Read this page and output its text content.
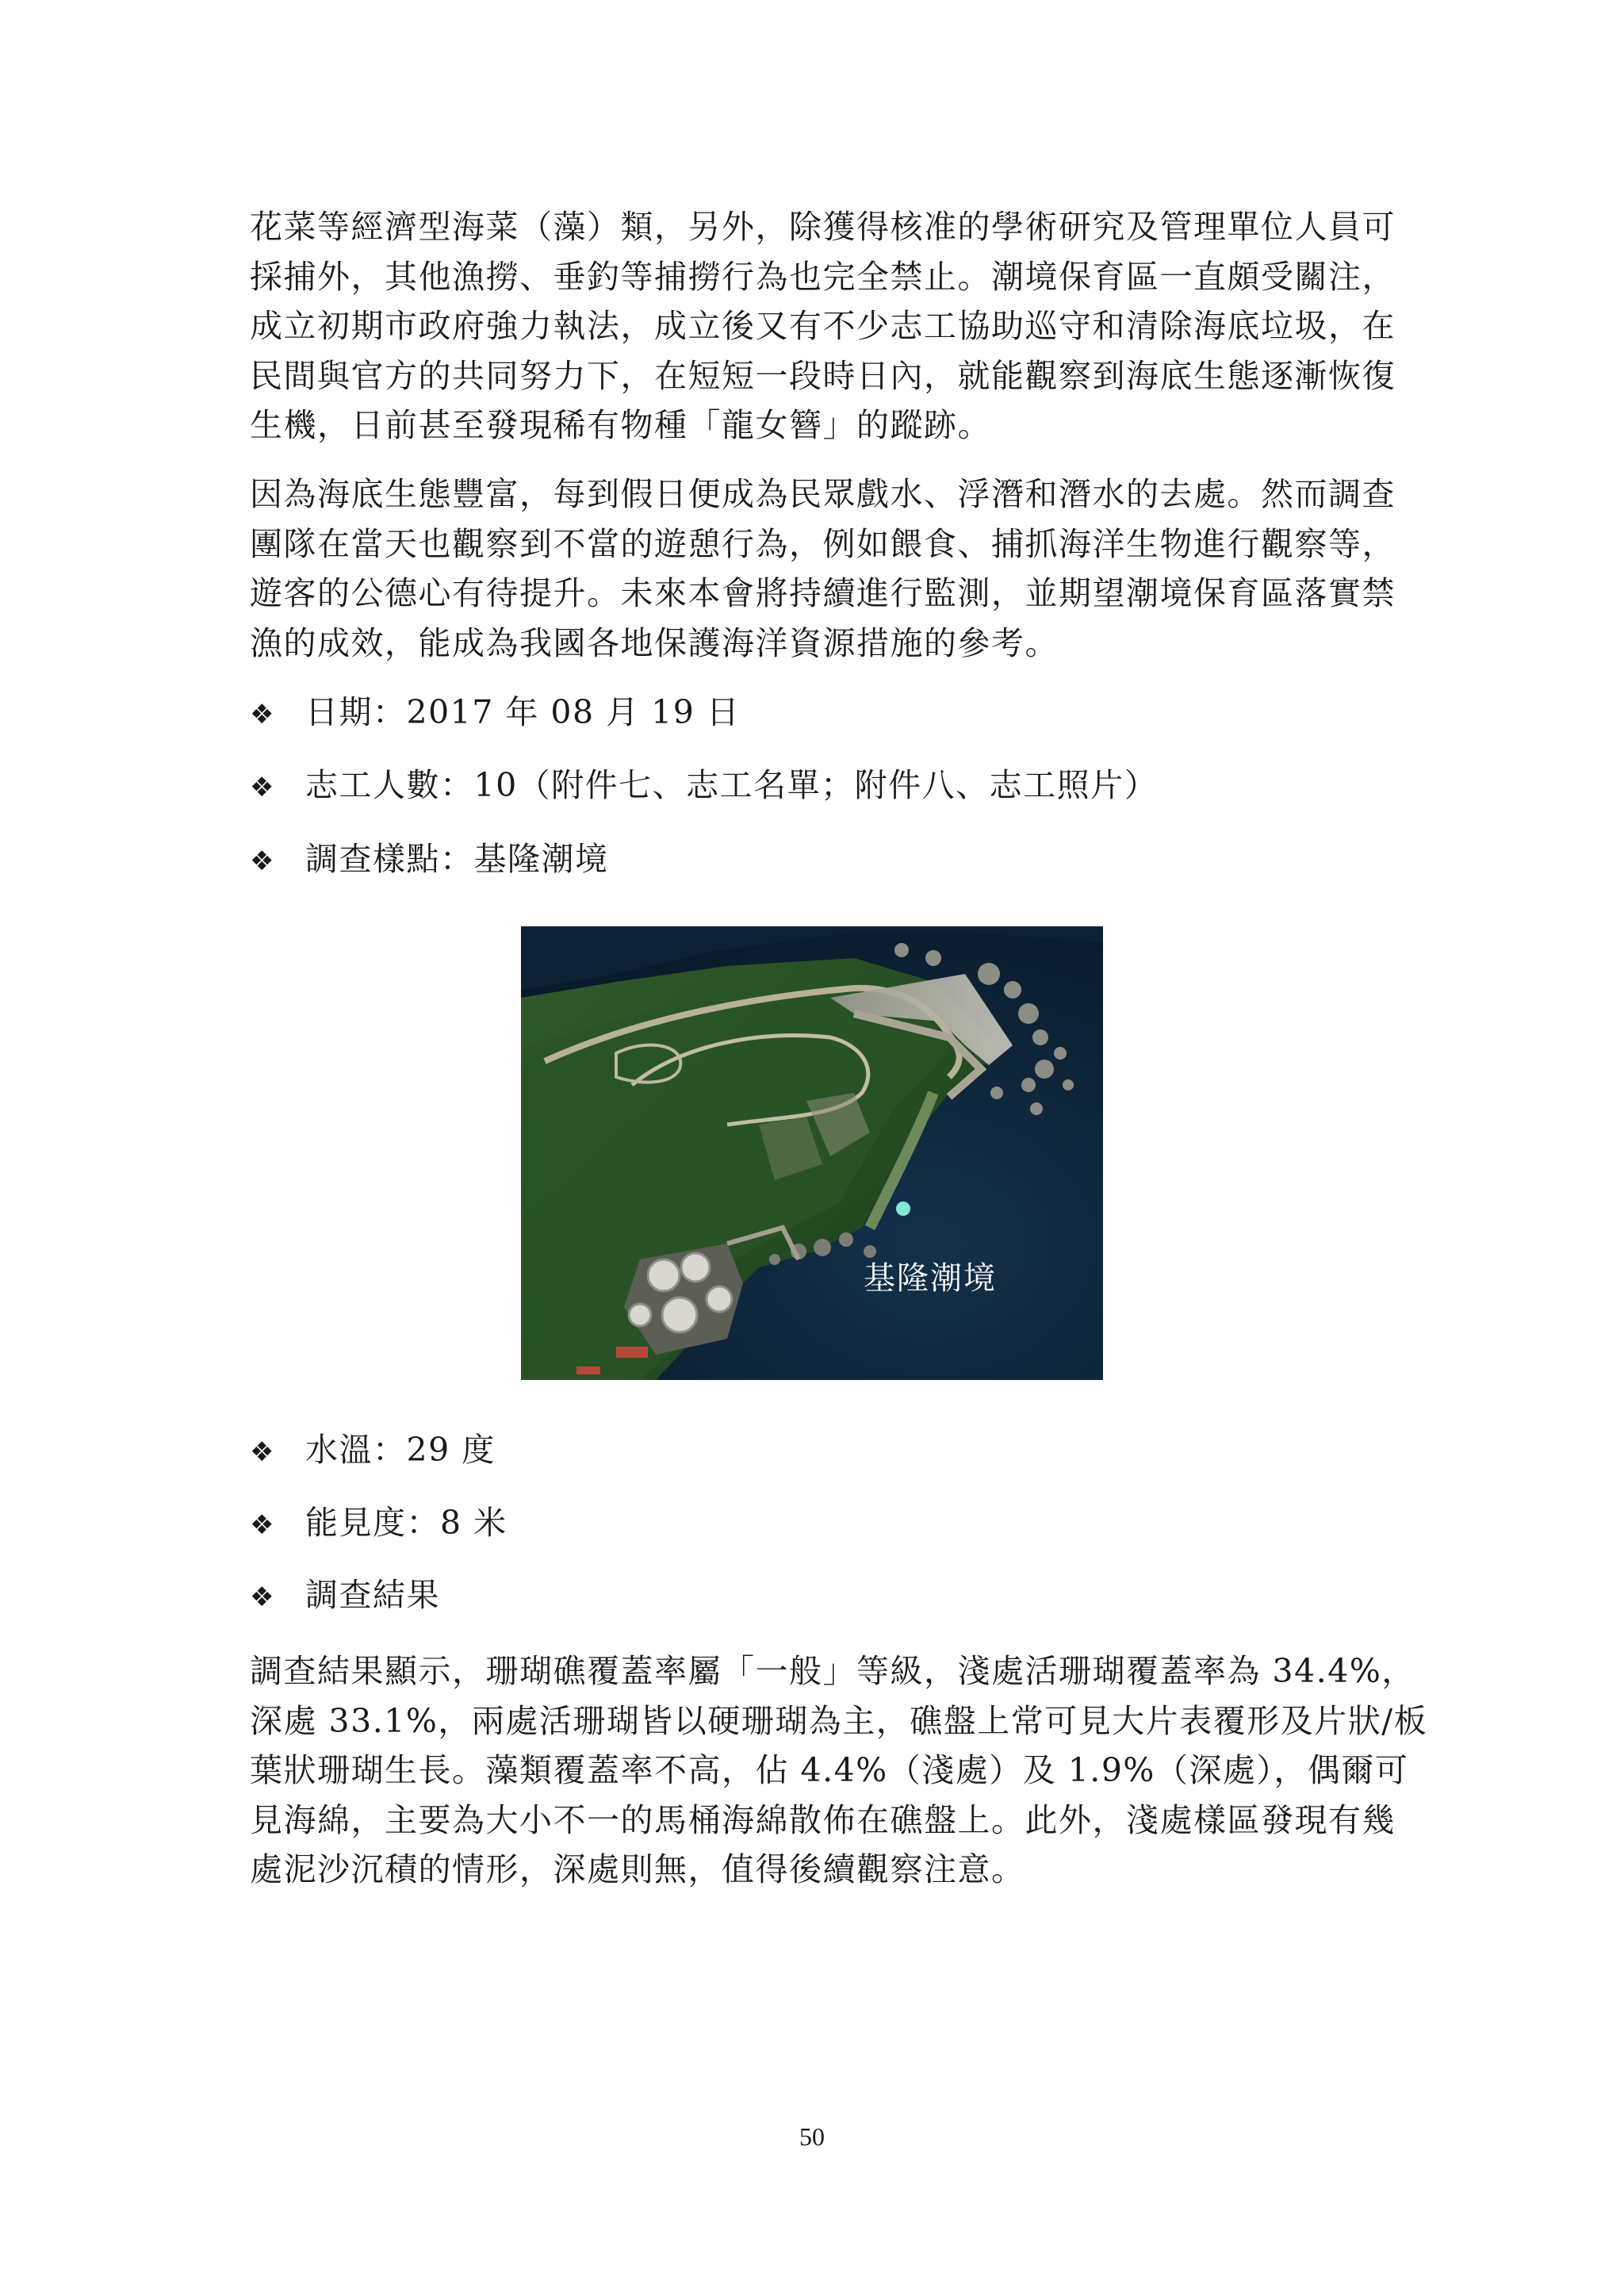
花菜等經濟型海菜（藻）類，另外，除獲得核准的學術研究及管理單位人員可
採捕外，其他漁撈、垂釣等捕撈行為也完全禁止。潮境保育區一直頗受關注，
成立初期市政府強力執法，成立後又有不少志工協助巡守和清除海底垃圾，在
民間與官方的共同努力下，在短短一段時日內，就能觀察到海底生態逐漸恢復
生機，日前甚至發現稀有物種「龍女簪」的蹤跡。
因為海底生態豐富，每到假日便成為民眾戲水、浮潛和潛水的去處。然而調查
團隊在當天也觀察到不當的遊憩行為，例如餵食、捕抓海洋生物進行觀察等，
遊客的公德心有待提升。未來本會將持續進行監測，並期望潮境保育區落實禁
漁的成效，能成為我國各地保護海洋資源措施的參考。
❖ 日期：2017 年 08 月 19 日
❖ 志工人數：10（附件七、志工名單；附件八、志工照片）
❖ 調查樣點：基隆潮境
基隆潮境
❖ 水溫：29 度
❖ 能見度：8 米
❖ 調查結果
調查結果顯示，珊瑚礁覆蓋率屬「一般」等級，淺處活珊瑚覆蓋率為 34.4%，
深處 33.1%，兩處活珊瑚皆以硬珊瑚為主，礁盤上常可見大片表覆形及片狀/板
葉狀珊瑚生長。藻類覆蓋率不高，佔 4.4%（淺處）及 1.9%（深處），偶爾可
見海綿，主要為大小不一的馬桶海綿散佈在礁盤上。此外，淺處樣區發現有幾
處泥沙沉積的情形，深處則無，值得後續觀察注意。
50
